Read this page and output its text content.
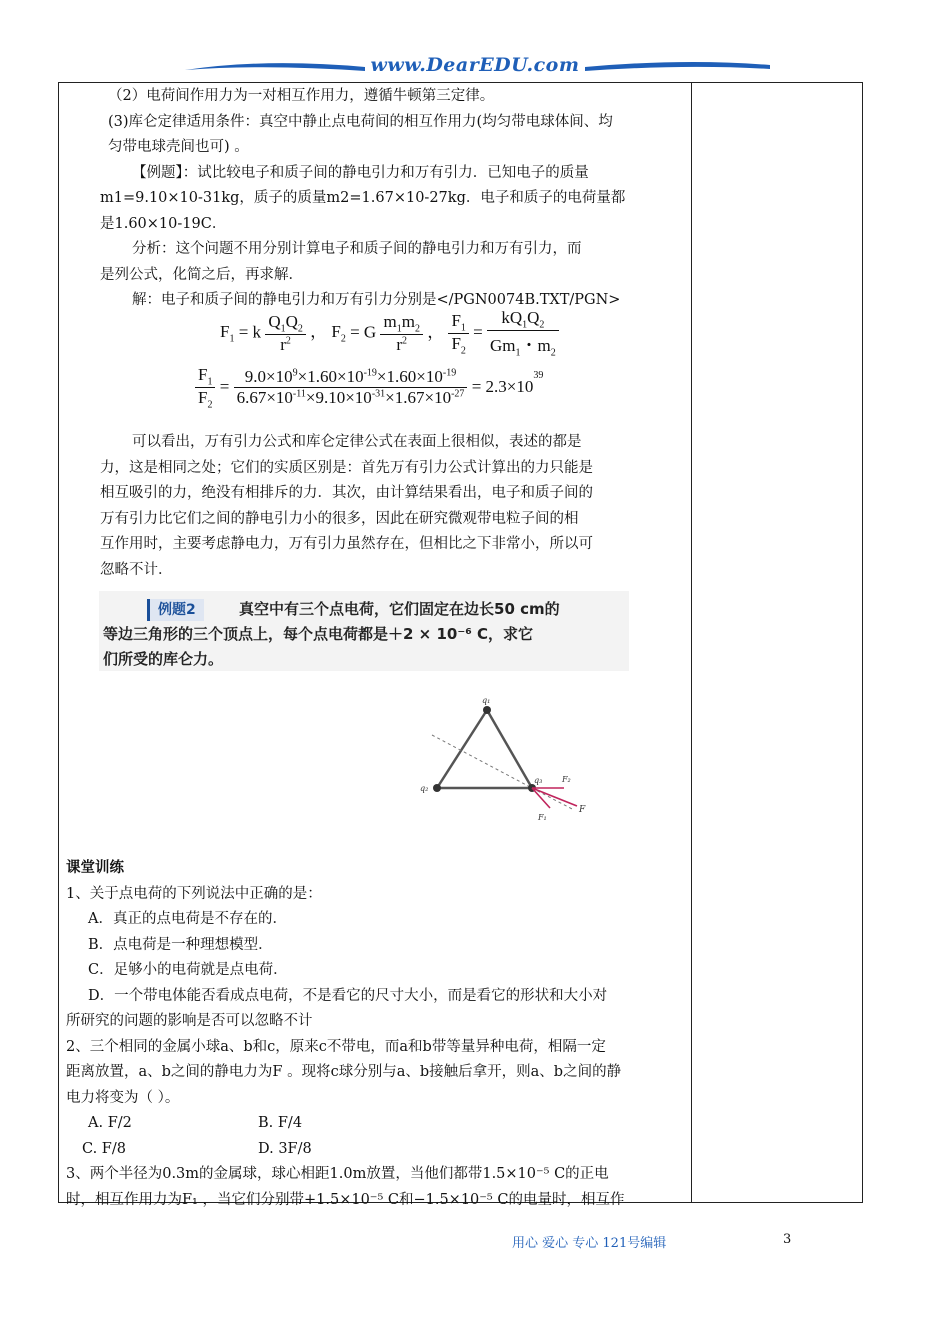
www.DearEDU.com

（2）电荷间作用力为一对相互作用力，遵循牛顿第三定律。

(3)库仑定律适用条件：真空中静止点电荷间的相互作用力(均匀带电球体间、均

匀带电球壳间也可) 。

【例题】：试比较电子和质子间的静电引力和万有引力．已知电子的质量

m1=9.10×10-31kg，质子的质量m2=1.67×10-27kg．电子和质子的电荷量都

是1.60×10-19C．

分析：这个问题不用分别计算电子和质子间的静电引力和万有引力，而

是列公式，化简之后，再求解．

解：电子和质子间的静电引力和万有引力分别是</PGN0074B.TXT/PGN>

$F_1 = k \frac{Q_1Q_2}{r^2}$ ， $F_2 = G \frac{m_1m_2}{r^2}$ ， $\frac{F_1}{F_2} = \frac{kQ_1Q_2}{Gm_1・m_2}$
$\frac{F_1}{F_2} = \frac{9.0\times 10^9\times 1.60\times 10^{-19}\times 1.60\times 10^{-19}}{6.67\times 10^{-11}\times 9.10\times 10^{-31}\times 1.67\times 10^{-27}} = 2.3\times 10^{39}$

可以看出，万有引力公式和库仑定律公式在表面上很相似，表述的都是

力，这是相同之处；它们的实质区别是：首先万有引力公式计算出的力只能是

相互吸引的力，绝没有相排斥的力．其次，由计算结果看出，电子和质子间的

万有引力比它们之间的静电引力小的很多，因此在研究微观带电粒子间的相

互作用时，主要考虑静电力，万有引力虽然存在，但相比之下非常小，所以可

忽略不计．

例题2	真空中有三个点电荷，它们固定在边长50 cm的
等边三角形的三个顶点上，每个点电荷都是＋2 × 10⁻⁶ C，求它
们所受的库仑力。
q₁
q₂
q₃ F₂
F
F₁

课堂训练

1、关于点电荷的下列说法中正确的是：

A．真正的点电荷是不存在的．

B．点电荷是一种理想模型．

C．足够小的电荷就是点电荷．

D．一个带电体能否看成点电荷，不是看它的尺寸大小，而是看它的形状和大小对

所研究的问题的影响是否可以忽略不计

2、三个相同的金属小球a、b和c，原来c不带电，而a和b带等量异种电荷，相隔一定

距离放置，a、b之间的静电力为F 。现将c球分别与a、b接触后拿开，则a、b之间的静

电力将变为（ ）。

A. F/2	B. F/4

C. F/8	D. 3F/8

3、两个半径为0.3m的金属球，球心相距1.0m放置，当他们都带1.5×10⁻⁵ C的正电

时，相互作用力为F₁ ，当它们分别带+1.5×10⁻⁵ C和−1.5×10⁻⁵ C的电量时，相互作

用心 爱心 专心 121号编辑	3
